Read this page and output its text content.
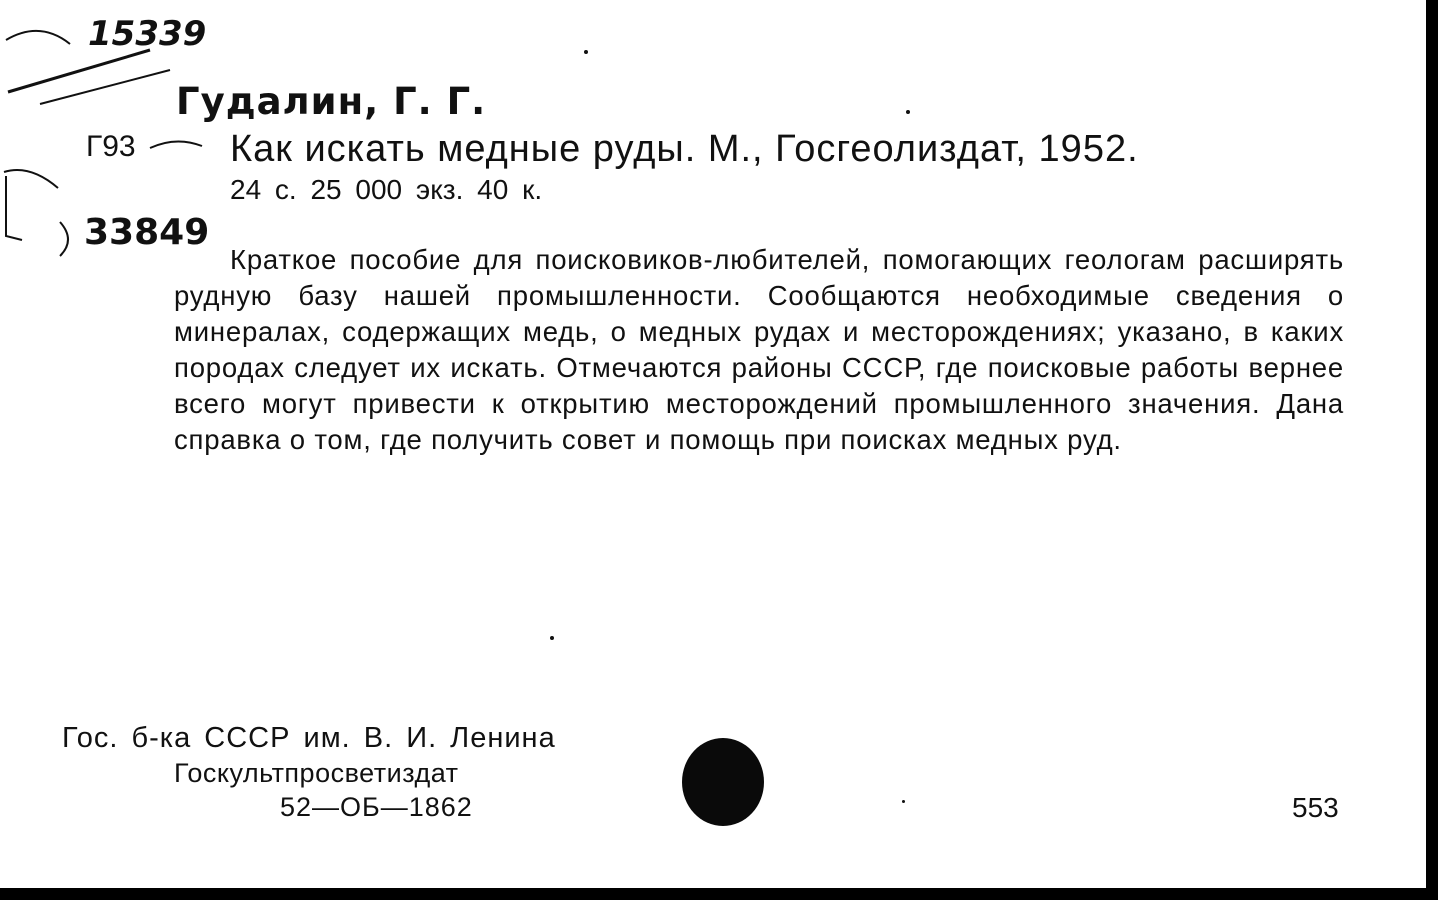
15339
Гудалин, Г. Г.
Г93 Как искать медные руды. М., Госгеолиздат, 1952.
24 с. 25 000 экз. 40 к.
33849

Краткое пособие для поисковиков-любителей, помогающих геологам расширять рудную базу нашей промышленности. Сообщаются необходимые сведения о минералах, содержащих медь, о медных рудах и месторождениях; указано, в каких породах следует их искать. Отмечаются районы СССР, где поисковые работы вернее всего могут привести к открытию месторождений промышленного значения. Дана справка о том, где получить совет и помощь при поисках медных руд.

Гос. б-ка СССР им. В. И. Ленина
Госкультпросветиздат
52—ОБ—1862	553
